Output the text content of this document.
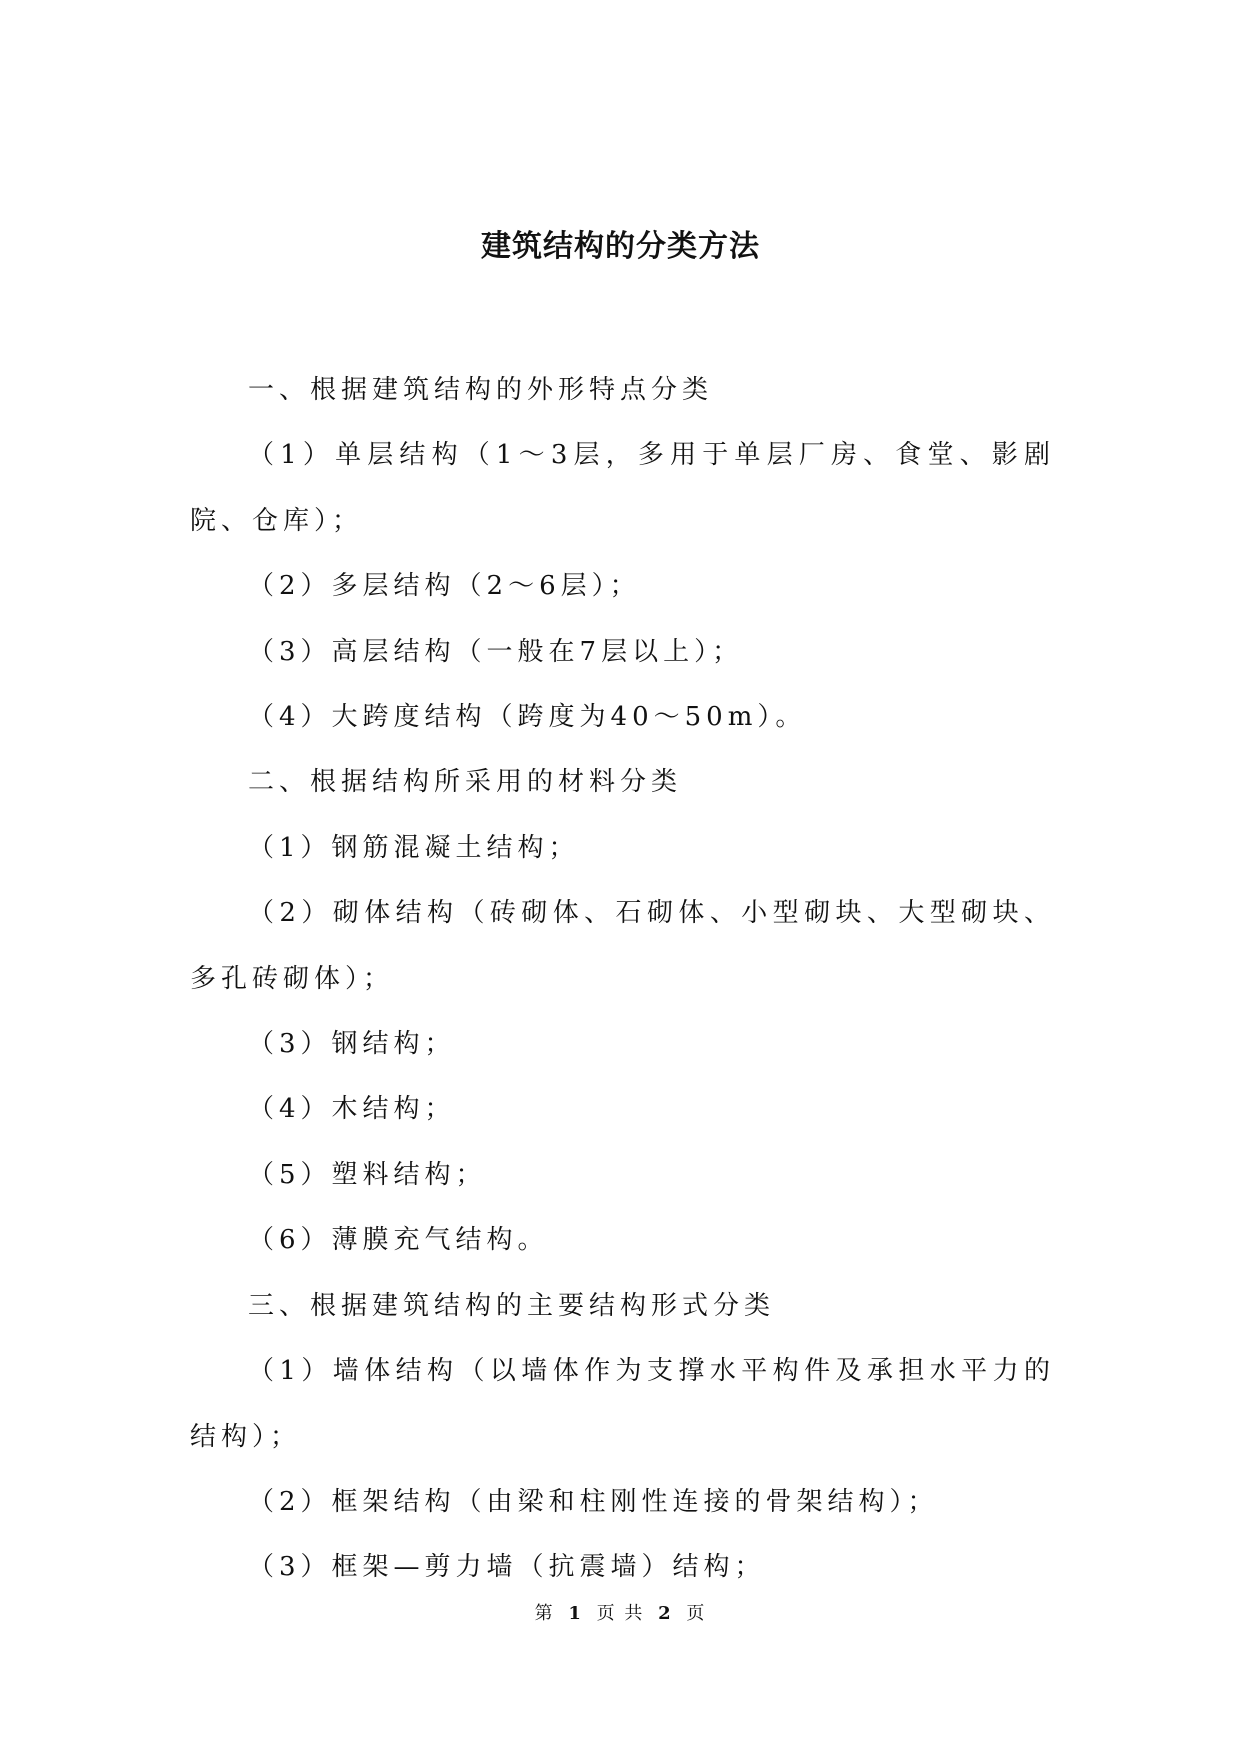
建筑结构的分类方法

一、根据建筑结构的外形特点分类

（1）单层结构（1～3层，多用于单层厂房、食堂、影剧院、仓库）；

（2）多层结构（2～6层）；

（3）高层结构（一般在7层以上）；

（4）大跨度结构（跨度为40～50m）。

二、根据结构所采用的材料分类

（1）钢筋混凝土结构；

（2）砌体结构（砖砌体、石砌体、小型砌块、大型砌块、多孔砖砌体）；

（3）钢结构；

（4）木结构；

（5）塑料结构；

（6）薄膜充气结构。

三、根据建筑结构的主要结构形式分类

（1）墙体结构（以墙体作为支撑水平构件及承担水平力的结构）；

（2）框架结构（由梁和柱刚性连接的骨架结构）；

（3）框架—剪力墙（抗震墙）结构；

第 1 页 共 2 页
